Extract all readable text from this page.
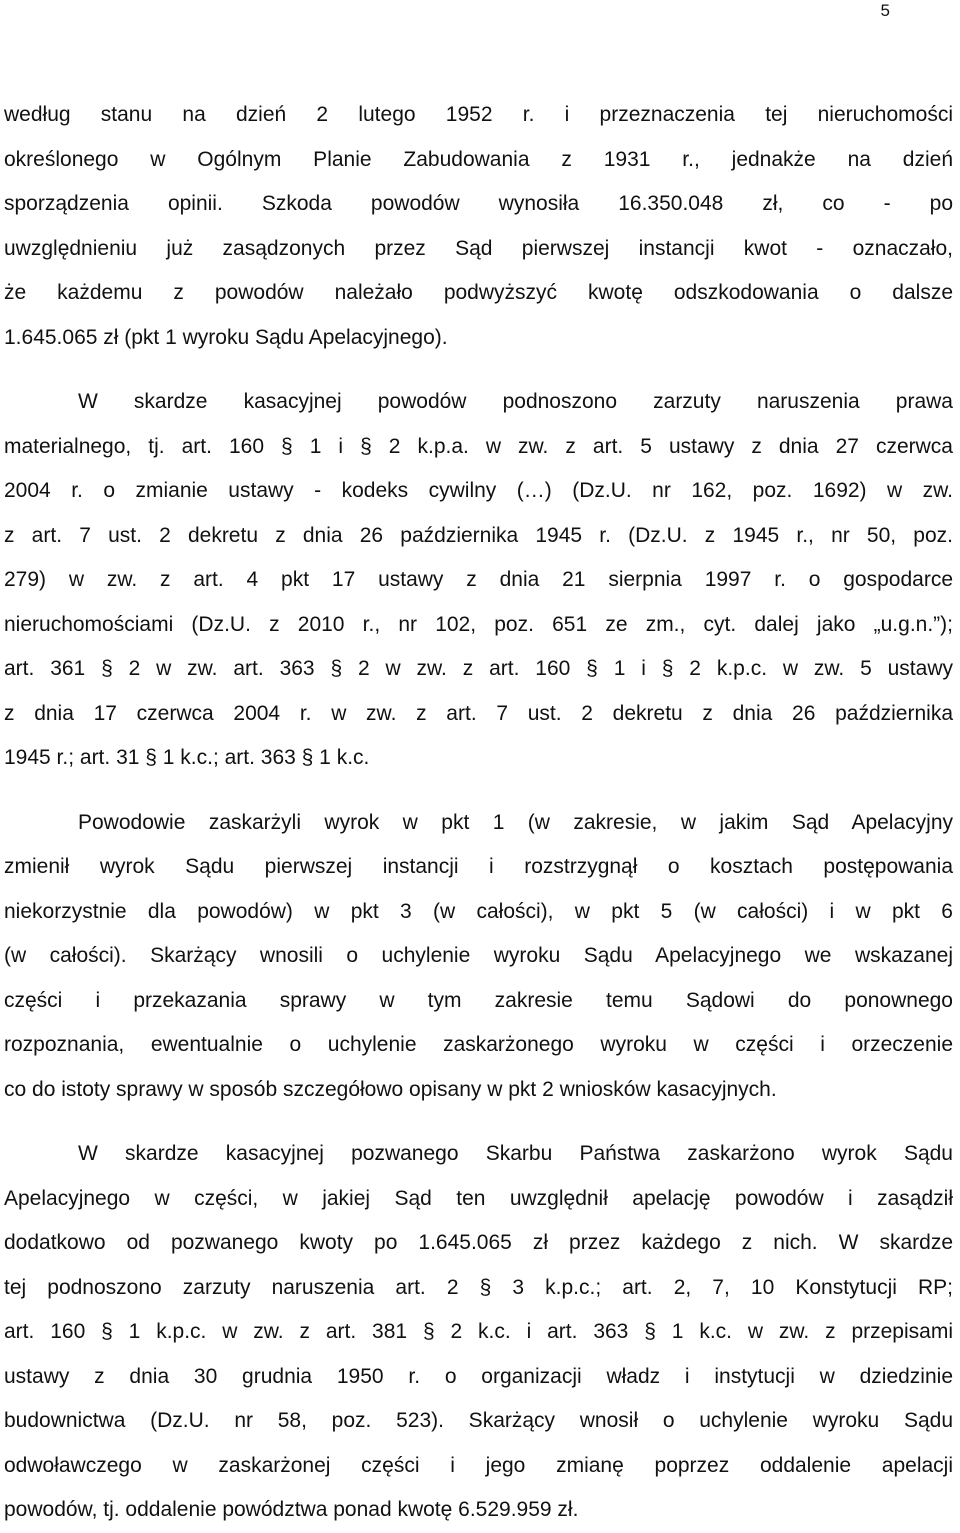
5
według stanu na dzień 2 lutego 1952 r. i przeznaczenia tej nieruchomości
określonego w Ogólnym Planie Zabudowania z 1931 r., jednakże na dzień
sporządzenia opinii. Szkoda powodów wynosiła 16.350.048 zł, co - po
uwzględnieniu już zasądzonych przez Sąd pierwszej instancji kwot - oznaczało,
że każdemu z powodów należało podwyższyć kwotę odszkodowania o dalsze
1.645.065 zł (pkt 1 wyroku Sądu Apelacyjnego).
W skardze kasacyjnej powodów podnoszono zarzuty naruszenia prawa
materialnego, tj. art. 160 § 1 i § 2 k.p.a. w zw. z art. 5 ustawy z dnia 27 czerwca
2004 r. o zmianie ustawy - kodeks cywilny (…) (Dz.U. nr 162, poz. 1692) w zw.
z art. 7 ust. 2 dekretu z dnia 26 października 1945 r. (Dz.U. z 1945 r., nr 50, poz.
279) w zw. z art. 4 pkt 17 ustawy z dnia 21 sierpnia 1997 r. o gospodarce
nieruchomościami (Dz.U. z 2010 r., nr 102, poz. 651 ze zm., cyt. dalej jako „u.g.n.”);
art. 361 § 2 w zw. art. 363 § 2 w zw. z art. 160 § 1 i § 2 k.p.c. w zw. 5 ustawy
z dnia 17 czerwca 2004 r. w zw. z art. 7 ust. 2 dekretu z dnia 26 października
1945 r.; art. 31 § 1 k.c.; art. 363 § 1 k.c.
Powodowie zaskarżyli wyrok w pkt 1 (w zakresie, w jakim Sąd Apelacyjny
zmienił wyrok Sądu pierwszej instancji i rozstrzygnął o kosztach postępowania
niekorzystnie dla powodów) w pkt 3 (w całości), w pkt 5 (w całości) i w pkt 6
(w całości). Skarżący wnosili o uchylenie wyroku Sądu Apelacyjnego we wskazanej
części i przekazania sprawy w tym zakresie temu Sądowi do ponownego
rozpoznania, ewentualnie o uchylenie zaskarżonego wyroku w części i orzeczenie
co do istoty sprawy w sposób szczegółowo opisany w pkt 2 wniosków kasacyjnych.
W skardze kasacyjnej pozwanego Skarbu Państwa zaskarżono wyrok Sądu
Apelacyjnego w części, w jakiej Sąd ten uwzględnił apelację powodów i zasądził
dodatkowo od pozwanego kwoty po 1.645.065 zł przez każdego z nich. W skardze
tej podnoszono zarzuty naruszenia art. 2 § 3 k.p.c.; art. 2, 7, 10 Konstytucji RP;
art. 160 § 1 k.p.c. w zw. z art. 381 § 2 k.c. i art. 363 § 1 k.c. w zw. z przepisami
ustawy z dnia 30 grudnia 1950 r. o organizacji władz i instytucji w dziedzinie
budownictwa (Dz.U. nr 58, poz. 523). Skarżący wnosił o uchylenie wyroku Sądu
odwoławczego w zaskarżonej części i jego zmianę poprzez oddalenie apelacji
powodów, tj. oddalenie powództwa ponad kwotę 6.529.959 zł.
